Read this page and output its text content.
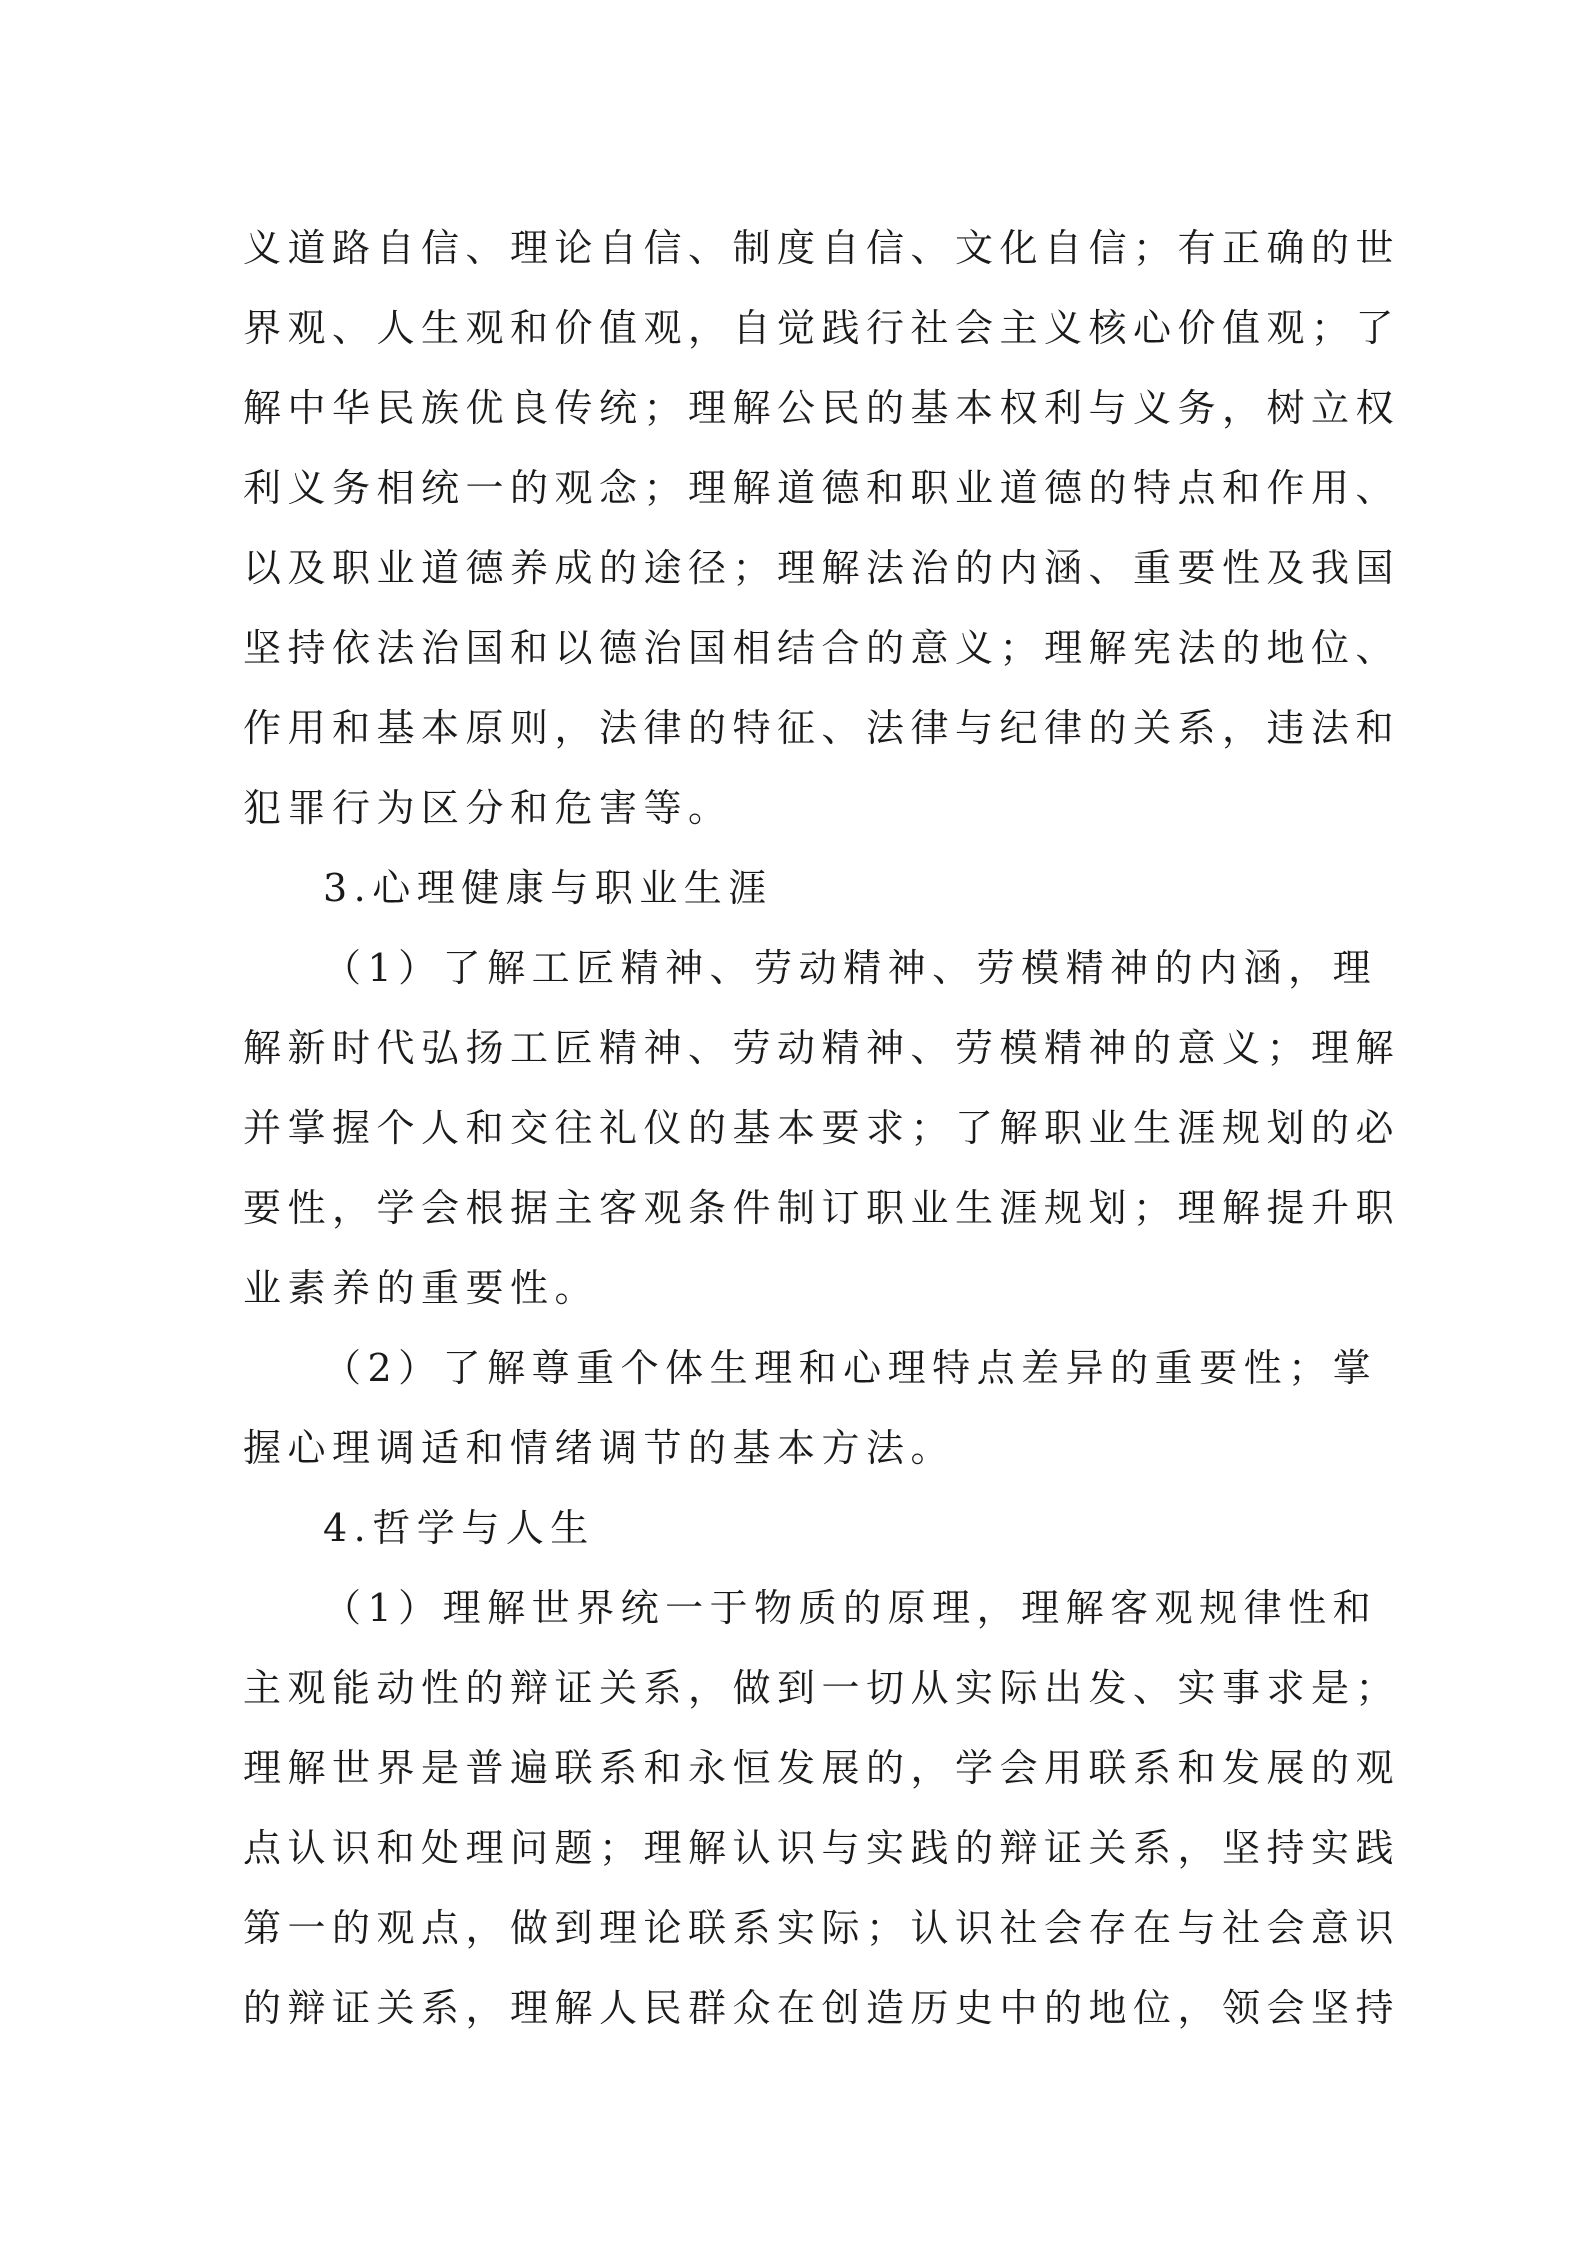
义道路自信、理论自信、制度自信、文化自信；有正确的世
界观、人生观和价值观，自觉践行社会主义核心价值观；了
解中华民族优良传统；理解公民的基本权利与义务，树立权
利义务相统一的观念；理解道德和职业道德的特点和作用、
以及职业道德养成的途径；理解法治的内涵、重要性及我国
坚持依法治国和以德治国相结合的意义；理解宪法的地位、
作用和基本原则，法律的特征、法律与纪律的关系，违法和
犯罪行为区分和危害等。
3.心理健康与职业生涯
（1）了解工匠精神、劳动精神、劳模精神的内涵，理
解新时代弘扬工匠精神、劳动精神、劳模精神的意义；理解
并掌握个人和交往礼仪的基本要求；了解职业生涯规划的必
要性，学会根据主客观条件制订职业生涯规划；理解提升职
业素养的重要性。
（2）了解尊重个体生理和心理特点差异的重要性；掌
握心理调适和情绪调节的基本方法。
4.哲学与人生
（1）理解世界统一于物质的原理，理解客观规律性和
主观能动性的辩证关系，做到一切从实际出发、实事求是；
理解世界是普遍联系和永恒发展的，学会用联系和发展的观
点认识和处理问题；理解认识与实践的辩证关系，坚持实践
第一的观点，做到理论联系实际；认识社会存在与社会意识
的辩证关系，理解人民群众在创造历史中的地位，领会坚持
